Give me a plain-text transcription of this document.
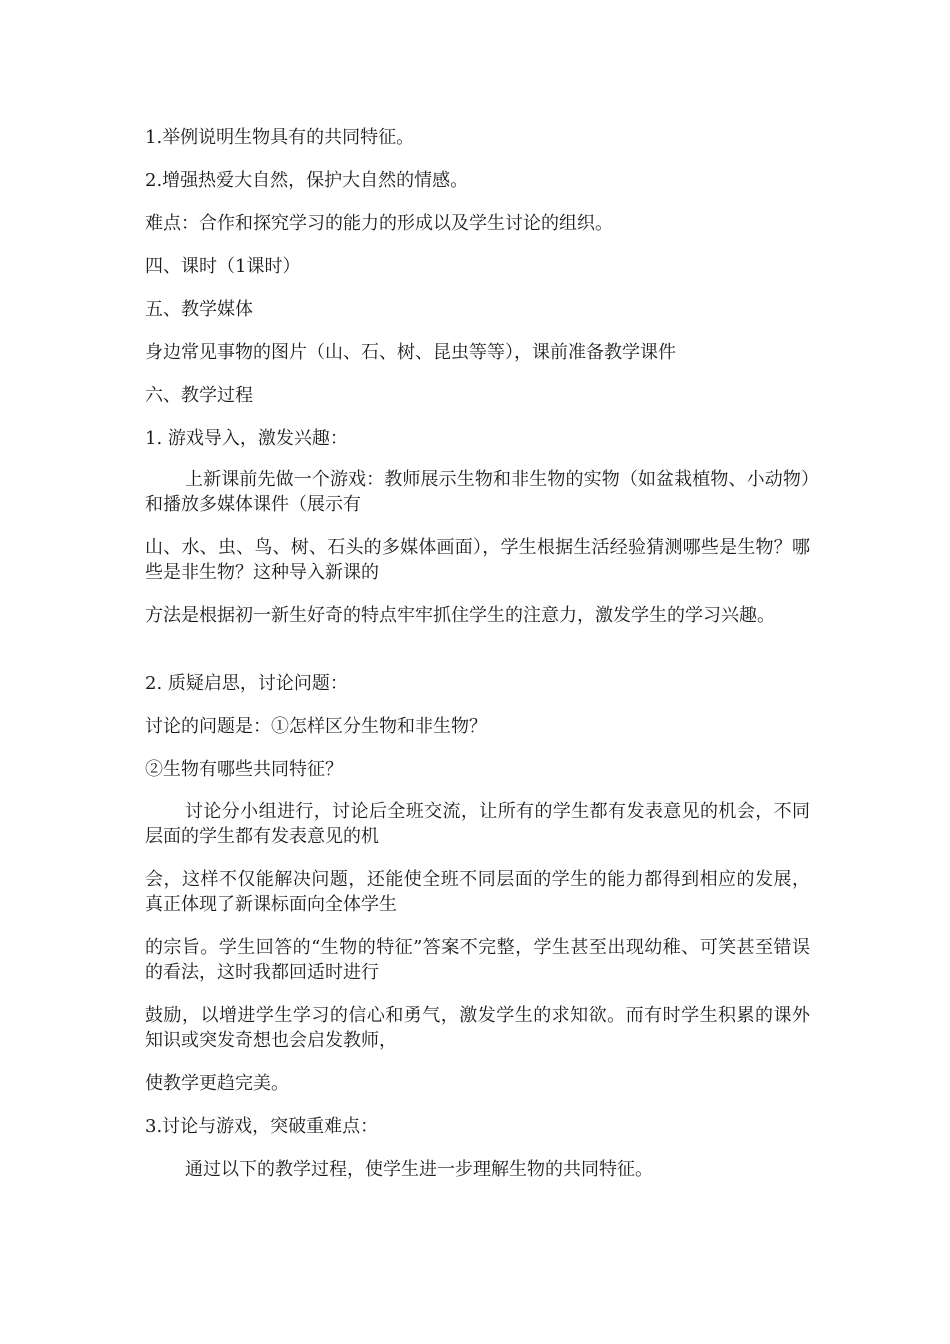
1.举例说明生物具有的共同特征。
2.增强热爱大自然，保护大自然的情感。
难点：合作和探究学习的能力的形成以及学生讨论的组织。
四、课时（1课时）
五、教学媒体
身边常见事物的图片（山、石、树、昆虫等等），课前准备教学课件
六、教学过程
1. 游戏导入，激发兴趣：
上新课前先做一个游戏：教师展示生物和非生物的实物（如盆栽植物、小动物）和播放多媒体课件（展示有
山、水、虫、鸟、树、石头的多媒体画面），学生根据生活经验猜测哪些是生物？哪些是非生物？这种导入新课的
方法是根据初一新生好奇的特点牢牢抓住学生的注意力，激发学生的学习兴趣。
2. 质疑启思，讨论问题：
讨论的问题是：①怎样区分生物和非生物？
②生物有哪些共同特征？
讨论分小组进行，讨论后全班交流，让所有的学生都有发表意见的机会，不同层面的学生都有发表意见的机
会，这样不仅能解决问题，还能使全班不同层面的学生的能力都得到相应的发展，真正体现了新课标面向全体学生
的宗旨。学生回答的“生物的特征”答案不完整，学生甚至出现幼稚、可笑甚至错误的看法，这时我都回适时进行
鼓励，以增进学生学习的信心和勇气，激发学生的求知欲。而有时学生积累的课外知识或突发奇想也会启发教师，
使教学更趋完美。
3.讨论与游戏，突破重难点：
通过以下的教学过程，使学生进一步理解生物的共同特征。
